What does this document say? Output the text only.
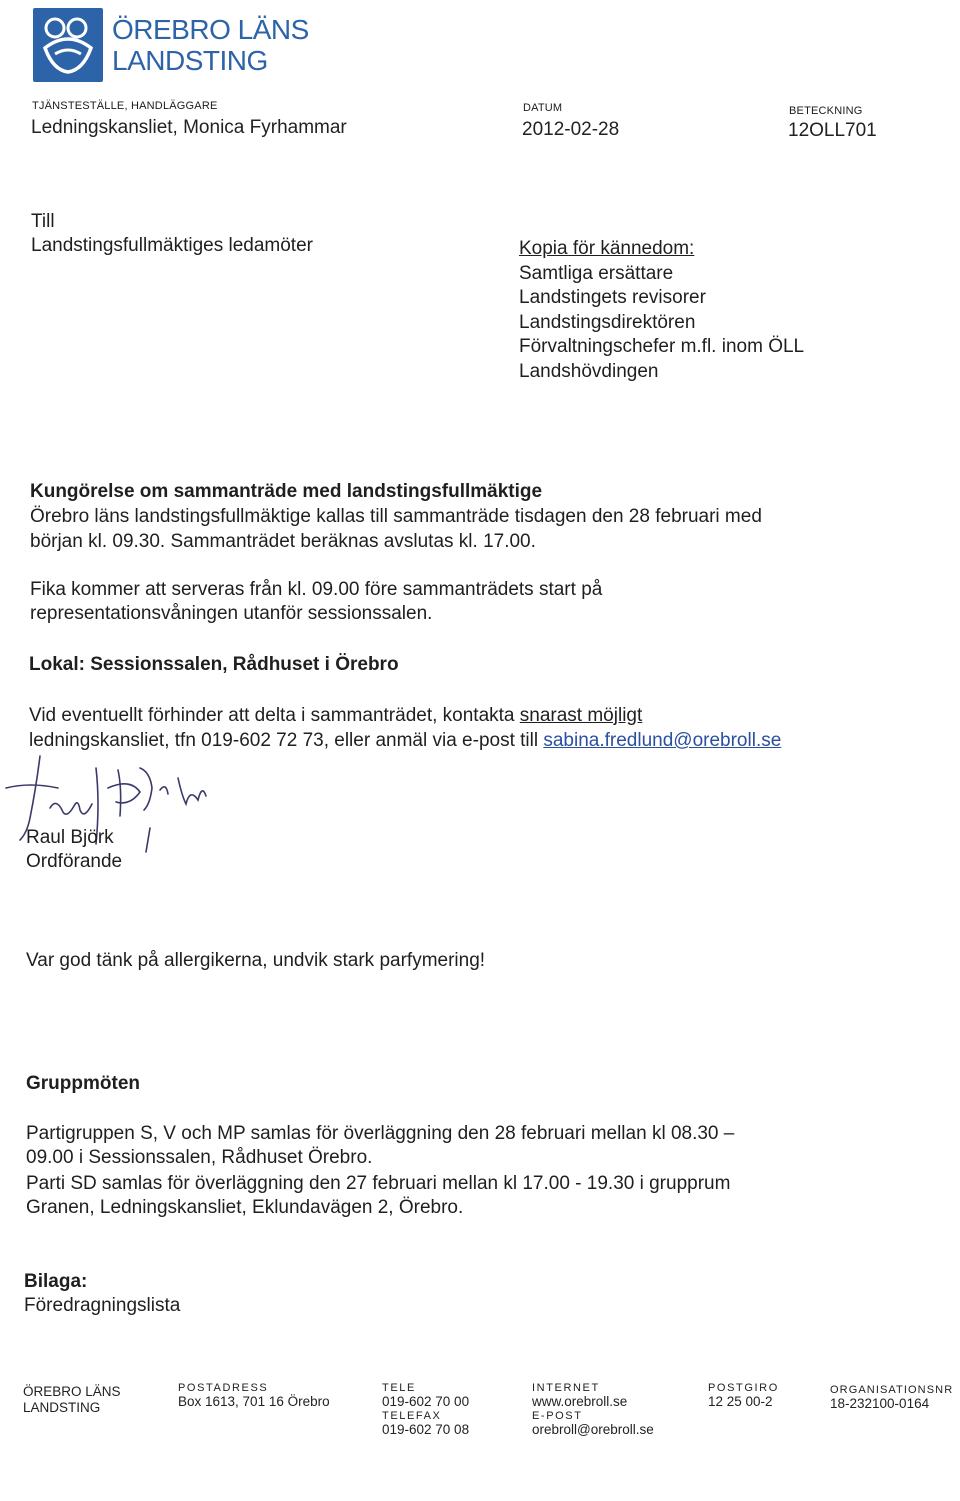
ÖREBRO LÄNS
LANDSTING
TJÄNSTESTÄLLE, HANDLÄGGARE
Ledningskansliet, Monica Fyrhammar
DATUM
2012-02-28
BETECKNING
12OLL701
Till
Landstingsfullmäktiges ledamöter	Kopia för kännedom:
Samtliga ersättare
Landstingets revisorer
Landstingsdirektören
Förvaltningschefer m.fl. inom ÖLL
Landshövdingen
Kungörelse om sammanträde med landstingsfullmäktige
Örebro läns landstingsfullmäktige kallas till sammanträde tisdagen den 28 februari med
början kl. 09.30. Sammanträdet beräknas avslutas kl. 17.00.
Fika kommer att serveras från kl. 09.00 före sammanträdets start på
representationsvåningen utanför sessionssalen.
Lokal: Sessionssalen, Rådhuset i Örebro
Vid eventuellt förhinder att delta i sammanträdet, kontakta snarast möjligt
ledningskansliet, tfn 019-602 72 73, eller anmäl via e-post till sabina.fredlund@orebroll.se
Raul Björk
Ordförande
Var god tänk på allergikerna, undvik stark parfymering!
Gruppmöten
Partigruppen S, V och MP samlas för överläggning den 28 februari mellan kl 08.30 –
09.00 i Sessionssalen, Rådhuset Örebro.
Parti SD samlas för överläggning den 27 februari mellan kl 17.00 - 19.30 i grupprum
Granen, Ledningskansliet, Eklundavägen 2, Örebro.
Bilaga:
Föredragningslista
ÖREBRO LÄNS
LANDSTING
POSTADRESS
Box 1613, 701 16 Örebro
TELE
019-602 70 00
TELEFAX
019-602 70 08
INTERNET
www.orebroll.se
E-POST
orebroll@orebroll.se
POSTGIRO
12 25 00-2
ORGANISATIONSNR
18-232100-0164
